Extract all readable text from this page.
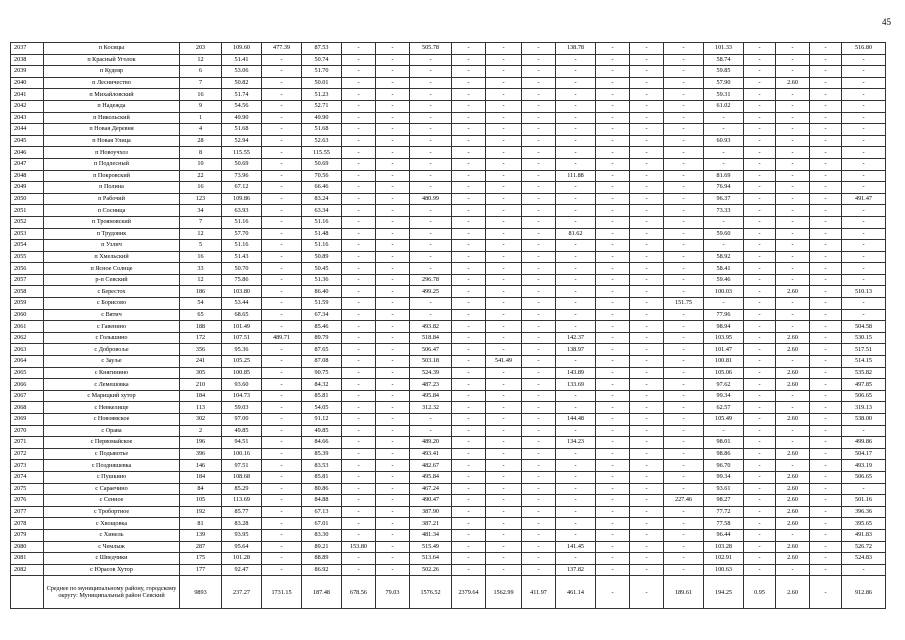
45
2037	п Косицы	203	109.60	477.39	87.53	-	-	505.78	-	-	-	138.78	-	-	-	101.33	-	-	-	516.80
2038	п Красный Уголок	12	51.41	-	50.74	-	-	-	-	-	-	-	-	-	-	58.74	-	-	-	-
2039	п Кудеяр	6	53.06	-	51.70	-	-	-	-	-	-	-	-	-	-	59.85	-	-	-	-
2040	п Лесничество	7	50.82	-	50.01	-	-	-	-	-	-	-	-	-	-	57.90	-	2.60	-	-
2041	п Михайловский	16	51.74	-	51.23	-	-	-	-	-	-	-	-	-	-	59.31	-	-	-	-
2042	п Надежда	9	54.56	-	52.71	-	-	-	-	-	-	-	-	-	-	61.02	-	-	-	-
2043	п Никольский	1	49.90	-	49.90	-	-	-	-	-	-	-	-	-	-	-	-	-	-	-
2044	п Новая Деревня	4	51.68	-	51.68	-	-	-	-	-	-	-	-	-	-	-	-	-	-	-
2045	п Новая Улица	28	52.94	-	52.63	-	-	-	-	-	-	-	-	-	-	60.93	-	-	-	-
2046	п Новоучхоз	8	115.55	-	115.55	-	-	-	-	-	-	-	-	-	-	-	-	-	-	-
2047	п Подлесный	10	50.69	-	50.69	-	-	-	-	-	-	-	-	-	-	-	-	-	-	-
2048	п Покровский	22	73.96	-	70.56	-	-	-	-	-	-	111.88	-	-	-	81.69	-	-	-	-
2049	п Полина	16	67.12	-	66.46	-	-	-	-	-	-	-	-	-	-	76.94	-	-	-	-
2050	п Рабочий	123	109.86	-	83.24	-	-	480.99	-	-	-	-	-	-	-	96.37	-	-	-	491.47
2051	п Сосница	34	63.93	-	63.34	-	-	-	-	-	-	-	-	-	-	73.33	-	-	-	-
2052	п Трояновский	7	51.16	-	51.16	-	-	-	-	-	-	-	-	-	-	-	-	-	-	-
2053	п Трудовик	12	57.70	-	51.48	-	-	-	-	-	-	81.62	-	-	-	59.60	-	-	-	-
2054	п Узлич	5	51.16	-	51.16	-	-	-	-	-	-	-	-	-	-	-	-	-	-	-
2055	п Хмельский	16	51.43	-	50.89	-	-	-	-	-	-	-	-	-	-	58.92	-	-	-	-
2056	п Ясное Солнце	33	50.70	-	50.45	-	-	-	-	-	-	-	-	-	-	58.41	-	-	-	-
2057	р-п Севский	12	75.86	-	51.36	-	-	296.78	-	-	-	-	-	-	-	59.46	-	-	-	-
2058	с Берестох	186	103.80	-	86.40	-	-	499.25	-	-	-	-	-	-	-	100.03	-	2.60	-	510.13
2059	с Борисово	54	53.44	-	51.59	-	-	-	-	-	-	-	-	-	151.75	-	-	-	-	-
2060	с Вятич	65	68.65	-	67.34	-	-	-	-	-	-	-	-	-	-	77.96	-	-	-	-
2061	с Гавенино	188	101.49	-	85.46	-	-	493.82	-	-	-	-	-	-	-	98.94	-	-	-	504.58
2062	с Голышино	172	107.51	489.71	89.79	-	-	518.84	-	-	-	142.37	-	-	-	103.95	-	2.60	-	530.15
2063	с Добровоље	356	95.36	-	87.65	-	-	506.47	-	-	-	138.97	-	-	-	101.47	-	2.60	-	517.51
2064	с Зауље	241	105.25	-	87.08	-	-	503.18	-	541.49	-	-	-	-	-	100.81	-	-	-	514.15
2065	с Княгинино	305	100.85	-	90.75	-	-	524.39	-	-	-	143.89	-	-	-	105.06	-	2.60	-	535.82
2066	с Лемешовка	210	93.60	-	84.32	-	-	487.23	-	-	-	133.69	-	-	-	97.62	-	2.60	-	497.85
2067	с Марицкий хутор	184	104.73	-	85.81	-	-	495.84	-	-	-	-	-	-	-	99.34	-	-	-	506.65
2068	с Невкелище	113	59.03	-	54.05	-	-	312.32	-	-	-	-	-	-	-	62.57	-	-	-	319.13
2069	с Новоямское	302	97.00	-	91.12	-	-	-	-	-	-	144.48	-	-	-	105.49	-	2.60	-	538.00
2070	с Орава	2	49.85	-	49.85	-	-	-	-	-	-	-	-	-	-	-	-	-	-	-
2071	с Первомайское	196	94.51	-	84.66	-	-	489.20	-	-	-	134.23	-	-	-	98.01	-	-	-	499.86
2072	с Подывотье	396	100.16	-	85.39	-	-	493.41	-	-	-	-	-	-	-	98.86	-	2.60	-	504.17
2073	с Поздняшевка	146	97.51	-	83.53	-	-	482.67	-	-	-	-	-	-	-	96.70	-	-	-	493.19
2074	с Пушкино	184	108.68	-	85.81	-	-	495.84	-	-	-	-	-	-	-	99.34	-	2.60	-	506.65
2075	с Сараечино	84	85.29	-	80.86	-	-	467.24	-	-	-	-	-	-	-	93.61	-	2.60	-	-
2076	с Сенное	105	113.69	-	84.88	-	-	490.47	-	-	-	-	-	-	227.46	98.27	-	2.60	-	501.16
2077	с Тробортное	192	85.77	-	67.13	-	-	387.90	-	-	-	-	-	-	-	77.72	-	2.60	-	396.36
2078	с Хвощовка	81	83.28	-	67.01	-	-	387.21	-	-	-	-	-	-	-	77.58	-	2.60	-	395.65
2079	с Хинель	139	93.95	-	83.30	-	-	481.34	-	-	-	-	-	-	-	96.44	-	-	-	491.83
2080	с Чемлыж	287	95.64	-	89.21	153.80	-	515.49	-	-	-	141.45	-	-	-	103.28	-	2.60	-	526.72
2081	с Шведчики	175	101.28	-	88.89	-	-	513.64	-	-	-	-	-	-	-	102.91	-	2.60	-	524.83
2082	с Юрасов Хутор	177	92.47	-	86.92	-	-	502.26	-	-	-	137.82	-	-	-	100.63	-	-	-	-
	Среднее по муниципальному району, городскому округу: Муниципальный район Севский	9893	237.27	1731.15	187.48	678.56	79.03	1576.52	2379.64	1562.99	411.97	461.14	-	-	189.61	194.25	0.95	2.60	-	912.86
